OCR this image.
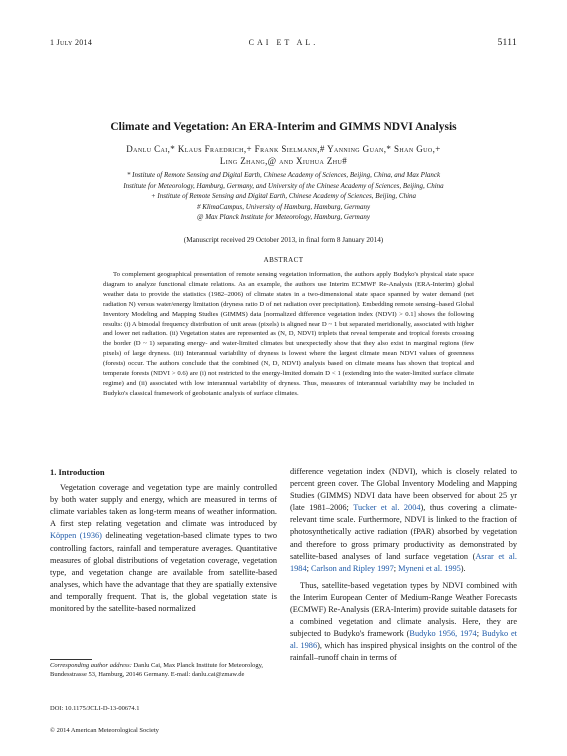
1 July 2014	CAI ET AL.	5111
Climate and Vegetation: An ERA-Interim and GIMMS NDVI Analysis
Danlu Cai,* Klaus Fraedrich,+ Frank Sielmann,# Yanning Guan,* Shan Guo,+
Ling Zhang,@ and Xiuhua Zhu#
* Institute of Remote Sensing and Digital Earth, Chinese Academy of Sciences, Beijing, China, and Max Planck
Institute for Meteorology, Hamburg, Germany, and University of the Chinese Academy of Sciences, Beijing, China
+ Institute of Remote Sensing and Digital Earth, Chinese Academy of Sciences, Beijing, China
# KlimaCampus, University of Hamburg, Hamburg, Germany
@ Max Planck Institute for Meteorology, Hamburg, Germany
(Manuscript received 29 October 2013, in final form 8 January 2014)
ABSTRACT

To complement geographical presentation of remote sensing vegetation information, the authors apply Budyko's physical state space diagram to analyze functional climate relations. As an example, the authors use Interim ECMWF Re-Analysis (ERA-Interim) global weather data to provide the statistics (1982–2006) of climate states in a two-dimensional state space spanned by water demand (net radiation N) versus water/energy limitation (dryness ratio D of net radiation over precipitation). Embedding remote sensing–based Global Inventory Modeling and Mapping Studies (GIMMS) data [normalized difference vegetation index (NDVI) > 0.1] shows the following results: (i) A bimodal frequency distribution of unit areas (pixels) is aligned near D ~ 1 but separated meridionally, associated with higher and lower net radiation. (ii) Vegetation states are represented as (N, D, NDVI) triplets that reveal temperate and tropical forests crossing the border (D ~ 1) separating energy- and water-limited climates but unexpectedly show that they also exist in marginal regions (few pixels) of large dryness. (iii) Interannual variability of dryness is lowest where the largest climate mean NDVI values of greenness (forests) occur. The authors conclude that the combined (N, D, NDVI) analysis based on climate means has shown that tropical and temperate forests (NDVI > 0.6) are (i) not restricted to the energy-limited domain D < 1 (extending into the water-limited surface climate regime) and (ii) associated with low interannual variability of dryness. Thus, measures of interannual variability may be included in Budyko's classical framework of geobotanic analysis of surface climates.

1. Introduction

Vegetation coverage and vegetation type are mainly controlled by both water supply and energy, which are measured in terms of climate variables taken as long-term means of weather information. A first step relating vegetation and climate was introduced by Köppen (1936) delineating vegetation-based climate types to two controlling factors, rainfall and temperature averages. Quantitative measures of global distributions of vegetation coverage, vegetation type, and vegetation change are available from satellite-based analyses, which have the advantage that they are spatially extensive and temporally frequent. That is, the global vegetation state is monitored by the satellite-based normalized

difference vegetation index (NDVI), which is closely related to percent green cover. The Global Inventory Modeling and Mapping Studies (GIMMS) NDVI data have been observed for about 25 yr (late 1981–2006; Tucker et al. 2004), thus covering a climate-relevant time scale. Furthermore, NDVI is linked to the fraction of photosynthetically active radiation (fPAR) absorbed by vegetation and therefore to gross primary productivity as demonstrated by satellite-based analyses of land surface vegetation (Asrar et al. 1984; Carlson and Ripley 1997; Myneni et al. 1995).

Thus, satellite-based vegetation types by NDVI combined with the Interim European Center of Medium-Range Weather Forecasts (ECMWF) Re-Analysis (ERA-Interim) provide suitable datasets for a combined vegetation and climate analysis. Here, they are subjected to Budyko's framework (Budyko 1956, 1974; Budyko et al. 1986), which has inspired physical insights on the control of the rainfall–runoff chain in terms of

Corresponding author address: Danlu Cai, Max Planck Institute for Meteorology, Bundesstrasse 53, Hamburg, 20146 Germany. E-mail: danlu.cai@zmaw.de
DOI: 10.1175/JCLI-D-13-00674.1
© 2014 American Meteorological Society
